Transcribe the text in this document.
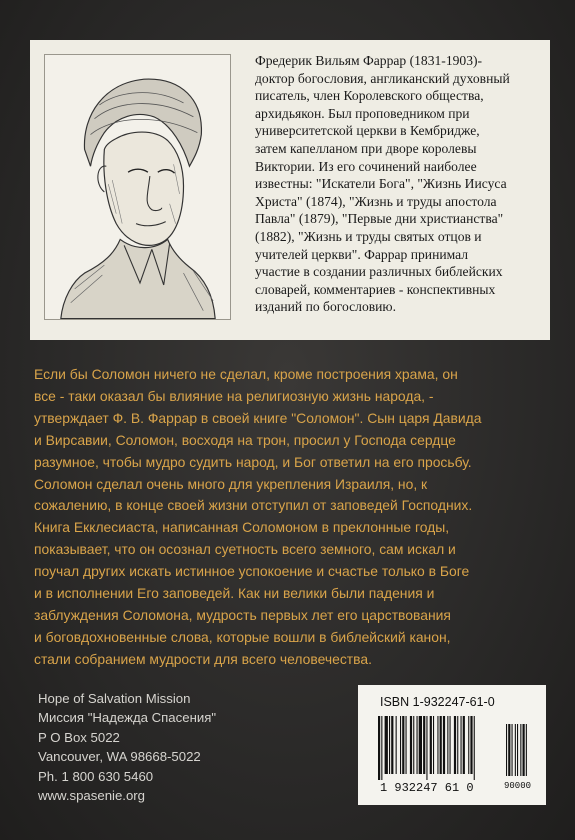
Фредерик Вильям Фаррар (1831-1903)-
доктор богословия, англиканский духовный
писатель, член Королевского общества,
архидьякон. Был проповедником при
университетской церкви в Кембридже,
затем капелланом при дворе королевы
Виктории. Из его сочинений наиболее
известны: "Искатели Бога", "Жизнь Иисуса
Христа" (1874), "Жизнь и труды апостола
Павла" (1879), "Первые дни христианства"
(1882), "Жизнь и труды святых отцов и
учителей церкви". Фаррар принимал
участие в создании различных библейских
словарей, комментариев - конспективных
изданий по богословию.

Если бы Соломон ничего не сделал, кроме построения храма, он
все - таки оказал бы влияние на религиозную жизнь народа, -
утверждает Ф. В. Фаррар в своей книге "Соломон". Сын царя Давида
и Вирсавии, Соломон, восходя на трон, просил у Господа сердце
разумное, чтобы мудро судить народ, и Бог ответил на его просьбу.
Соломон сделал очень много для укрепления Израиля, но, к
сожалению, в конце своей жизни отступил от заповедей Господних.
Книга Екклесиаста, написанная Соломоном в преклонные годы,
показывает, что он осознал суетность всего земного, сам искал и
поучал других искать истинное успокоение и счастье только в Боге
и в исполнении Его заповедей. Как ни велики были падения и
заблуждения Соломона, мудрость первых лет его царствования
и боговдохновенные слова, которые вошли в библейский канон,
стали собранием мудрости для всего человечества.

Hope of Salvation Mission
Миссия "Надежда Спасения"
P O Box 5022
Vancouver, WA 98668-5022
Ph. 1 800 630 5460
www.spasenie.org
ISBN 1-932247-61-0
1 932247 61 0	90000
